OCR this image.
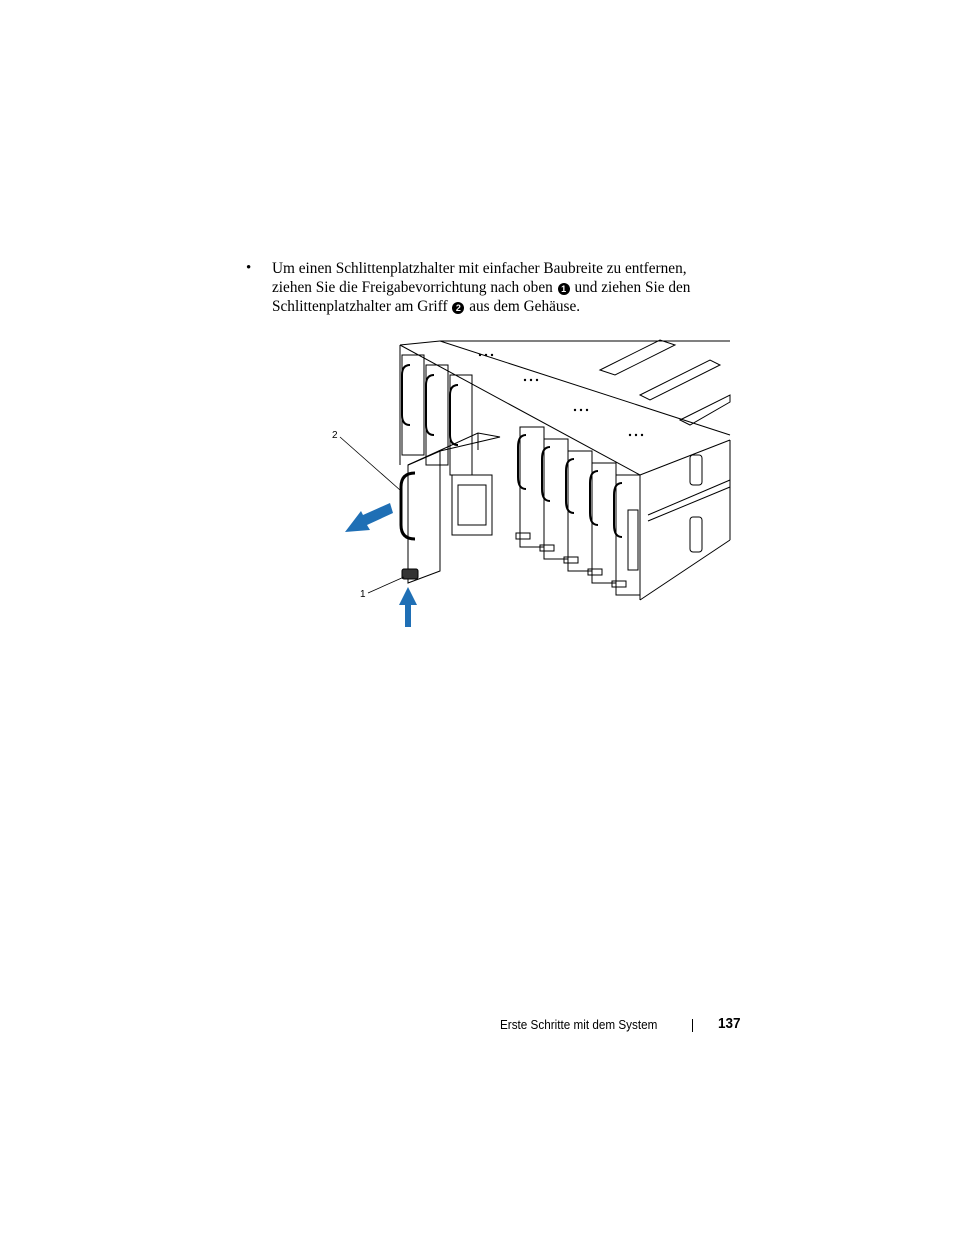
• Um einen Schlittenplatzhalter mit einfacher Baubreite zu entfernen,
ziehen Sie die Freigabevorrichtung nach oben 1 und ziehen Sie den
Schlittenplatzhalter am Griff 2 aus dem Gehäuse.
2
1
Erste Schritte mit dem System	137
